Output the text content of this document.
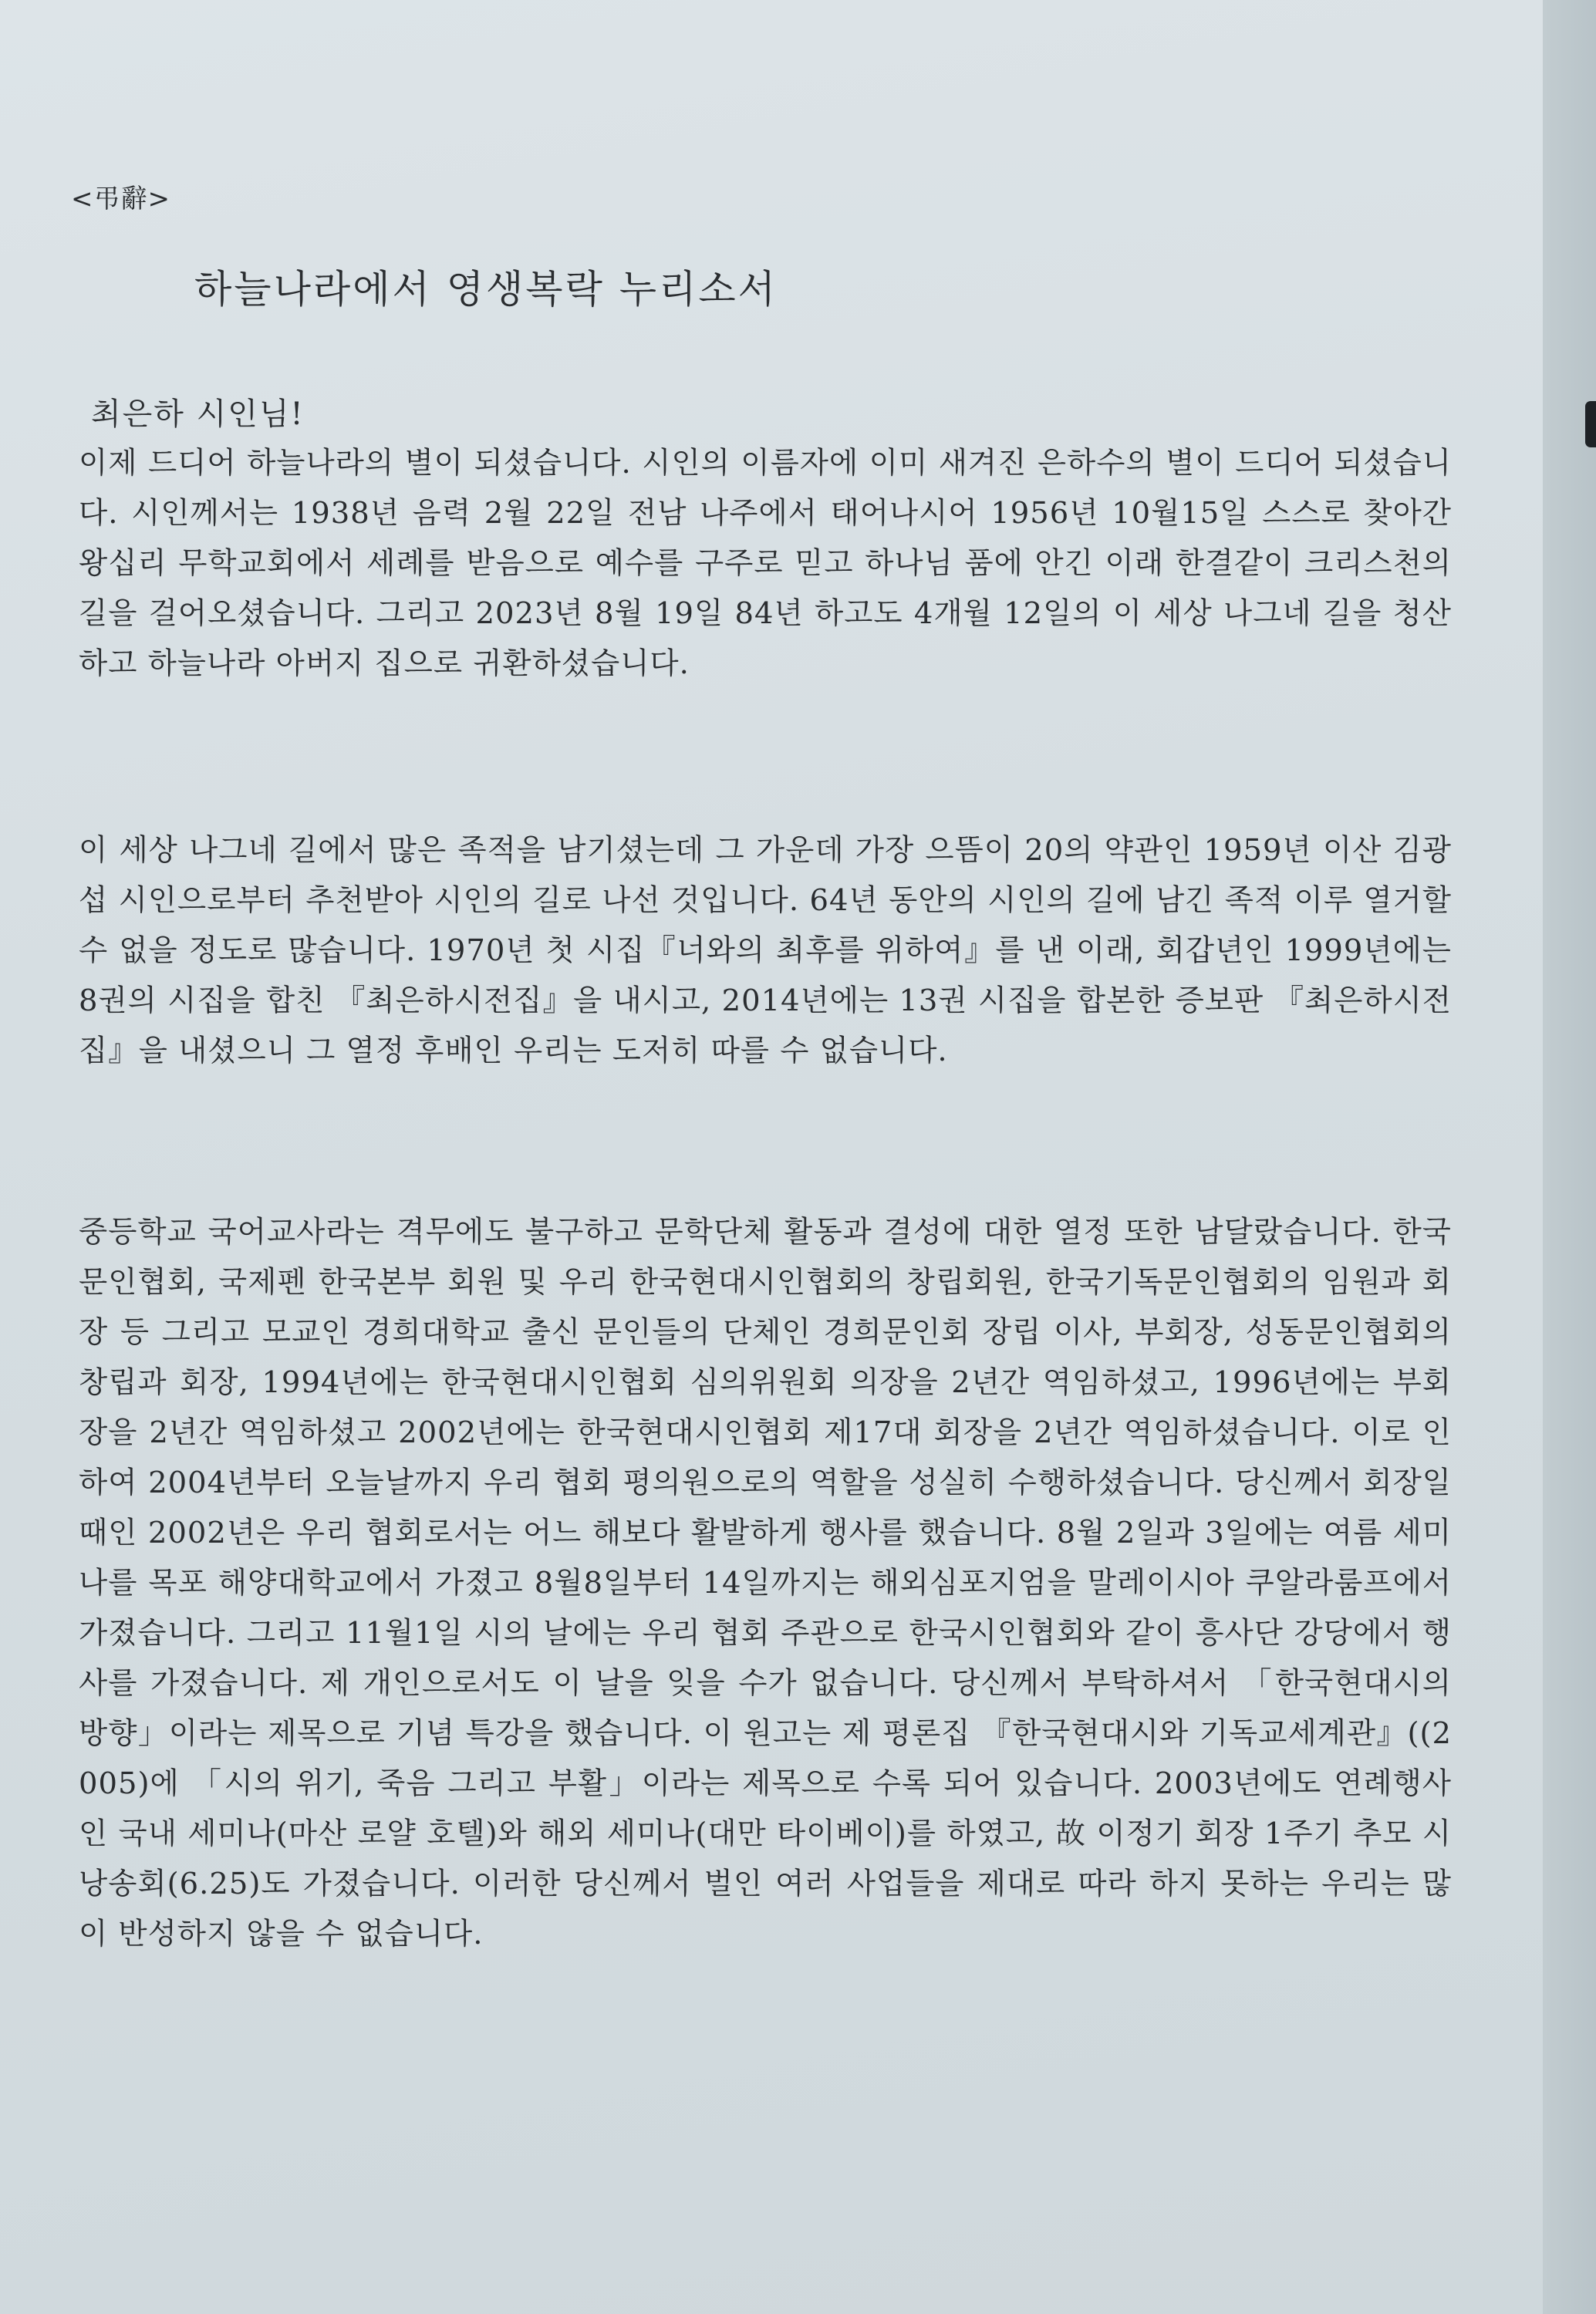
<弔辭>
하늘나라에서 영생복락 누리소서
최은하 시인님!
이제 드디어 하늘나라의 별이 되셨습니다. 시인의 이름자에 이미 새겨진 은하수의 별이 드디어 되셨습니다. 시인께서는 1938년 음력 2월 22일 전남 나주에서 태어나시어 1956년 10월15일 스스로 찾아간 왕십리 무학교회에서 세례를 받음으로 예수를 구주로 믿고 하나님 품에 안긴 이래 한결같이 크리스천의 길을 걸어오셨습니다. 그리고 2023년 8월 19일 84년 하고도 4개월 12일의 이 세상 나그네 길을 청산하고 하늘나라 아버지 집으로 귀환하셨습니다.
이 세상 나그네 길에서 많은 족적을 남기셨는데 그 가운데 가장 으뜸이 20의 약관인 1959년 이산 김광섭 시인으로부터 추천받아 시인의 길로 나선 것입니다. 64년 동안의 시인의 길에 남긴 족적 이루 열거할 수 없을 정도로 많습니다. 1970년 첫 시집『너와의 최후를 위하여』를 낸 이래, 회갑년인 1999년에는 8권의 시집을 합친 『최은하시전집』을 내시고, 2014년에는 13권 시집을 합본한 증보판 『최은하시전집』을 내셨으니 그 열정 후배인 우리는 도저히 따를 수 없습니다.
중등학교 국어교사라는 격무에도 불구하고 문학단체 활동과 결성에 대한 열정 또한 남달랐습니다. 한국문인협회, 국제펜 한국본부 회원 및 우리 한국현대시인협회의 창립회원, 한국기독문인협회의 임원과 회장 등 그리고 모교인 경희대학교 출신 문인들의 단체인 경희문인회 장립 이사, 부회장, 성동문인협회의 창립과 회장, 1994년에는 한국현대시인협회 심의위원회 의장을 2년간 역임하셨고, 1996년에는 부회장을 2년간 역임하셨고 2002년에는 한국현대시인협회 제17대 회장을 2년간 역임하셨습니다. 이로 인하여 2004년부터 오늘날까지 우리 협회 평의원으로의 역할을 성실히 수행하셨습니다. 당신께서 회장일 때인 2002년은 우리 협회로서는 어느 해보다 활발하게 행사를 했습니다. 8월 2일과 3일에는 여름 세미나를 목포 해양대학교에서 가졌고 8월8일부터 14일까지는 해외심포지엄을 말레이시아 쿠알라룸프에서 가졌습니다. 그리고 11월1일 시의 날에는 우리 협회 주관으로 한국시인협회와 같이 흥사단 강당에서 행사를 가졌습니다. 제 개인으로서도 이 날을 잊을 수가 없습니다. 당신께서 부탁하셔서 「한국현대시의 방향」이라는 제목으로 기념 특강을 했습니다. 이 원고는 제 평론집 『한국현대시와 기독교세계관』((2005)에 「시의 위기, 죽음 그리고 부활」이라는 제목으로 수록 되어 있습니다. 2003년에도 연례행사인 국내 세미나(마산 로얄 호텔)와 해외 세미나(대만 타이베이)를 하였고, 故 이정기 회장 1주기 추모 시낭송회(6.25)도 가졌습니다. 이러한 당신께서 벌인 여러 사업들을 제대로 따라 하지 못하는 우리는 많이 반성하지 않을 수 없습니다.
